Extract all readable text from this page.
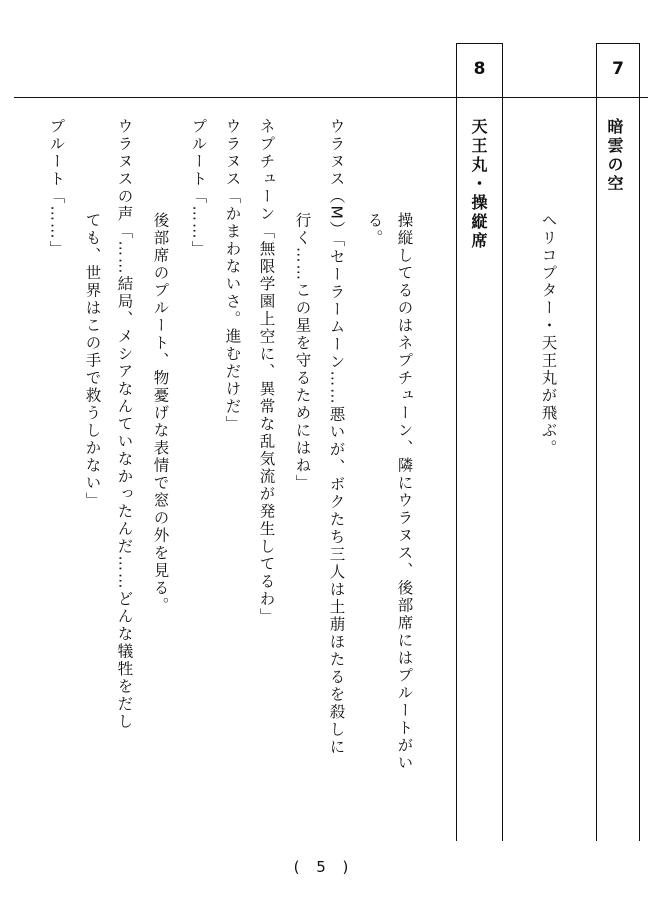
7
暗雲の空
ヘリコプター・天王丸が飛ぶ。
8
天王丸・操縦席
操縦してるのはネプチューン、隣にウラヌス、後部席にはプルートがい
る。
ウラヌス（M）「セーラームーン……悪いが、ボクたち三人は土萠ほたるを殺しに
行く……この星を守るためにはね」
ネプチューン「無限学園上空に、異常な乱気流が発生してるわ」
ウラヌス「かまわないさ。進むだけだ」
プルート「……」
後部席のプルート、物憂げな表情で窓の外を見る。
ウラヌスの声「……結局、メシアなんていなかったんだ……どんな犠牲をだし
ても、世界はこの手で救うしかない」
プルート「……」
( 5 )
